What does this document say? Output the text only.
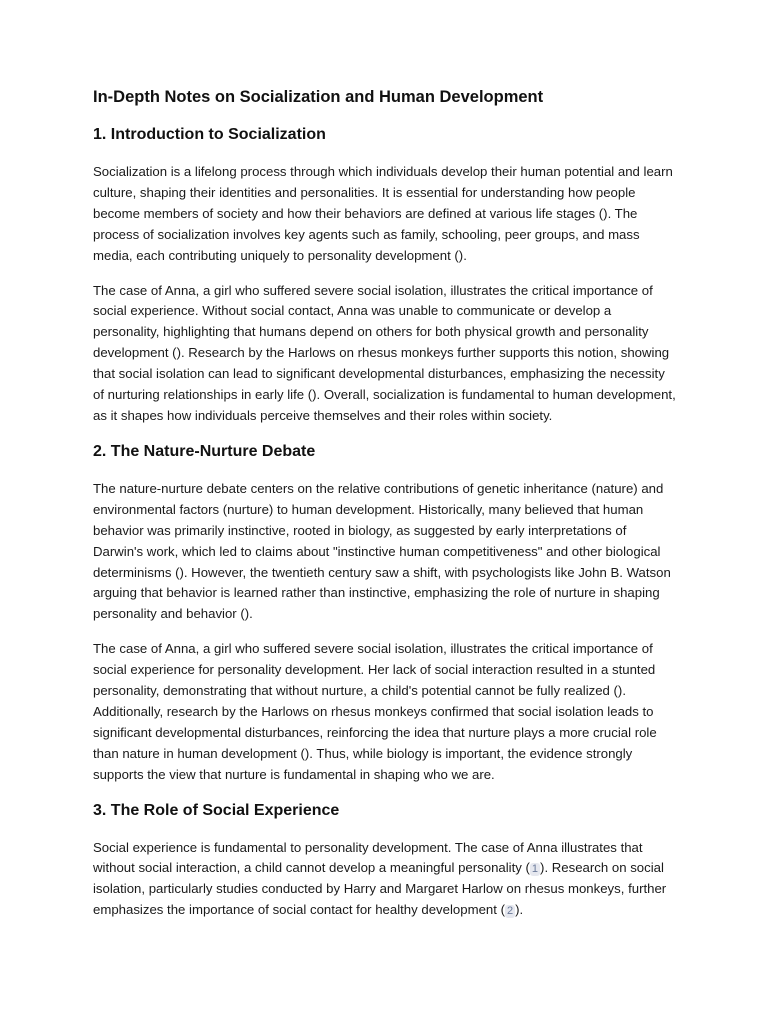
In-Depth Notes on Socialization and Human Development
1. Introduction to Socialization

Socialization is a lifelong process through which individuals develop their human potential and learn culture, shaping their identities and personalities. It is essential for understanding how people become members of society and how their behaviors are defined at various life stages (). The process of socialization involves key agents such as family, schooling, peer groups, and mass media, each contributing uniquely to personality development ().

The case of Anna, a girl who suffered severe social isolation, illustrates the critical importance of social experience. Without social contact, Anna was unable to communicate or develop a personality, highlighting that humans depend on others for both physical growth and personality development (). Research by the Harlows on rhesus monkeys further supports this notion, showing that social isolation can lead to significant developmental disturbances, emphasizing the necessity of nurturing relationships in early life (). Overall, socialization is fundamental to human development, as it shapes how individuals perceive themselves and their roles within society.

2. The Nature-Nurture Debate

The nature-nurture debate centers on the relative contributions of genetic inheritance (nature) and environmental factors (nurture) to human development. Historically, many believed that human behavior was primarily instinctive, rooted in biology, as suggested by early interpretations of Darwin's work, which led to claims about "instinctive human competitiveness" and other biological determinisms (). However, the twentieth century saw a shift, with psychologists like John B. Watson arguing that behavior is learned rather than instinctive, emphasizing the role of nurture in shaping personality and behavior ().

The case of Anna, a girl who suffered severe social isolation, illustrates the critical importance of social experience for personality development. Her lack of social interaction resulted in a stunted personality, demonstrating that without nurture, a child's potential cannot be fully realized (). Additionally, research by the Harlows on rhesus monkeys confirmed that social isolation leads to significant developmental disturbances, reinforcing the idea that nurture plays a more crucial role than nature in human development (). Thus, while biology is important, the evidence strongly supports the view that nurture is fundamental in shaping who we are.

3. The Role of Social Experience

Social experience is fundamental to personality development. The case of Anna illustrates that without social interaction, a child cannot develop a meaningful personality ( 1 ). Research on social isolation, particularly studies conducted by Harry and Margaret Harlow on rhesus monkeys, further emphasizes the importance of social contact for healthy development ( 2 ).
